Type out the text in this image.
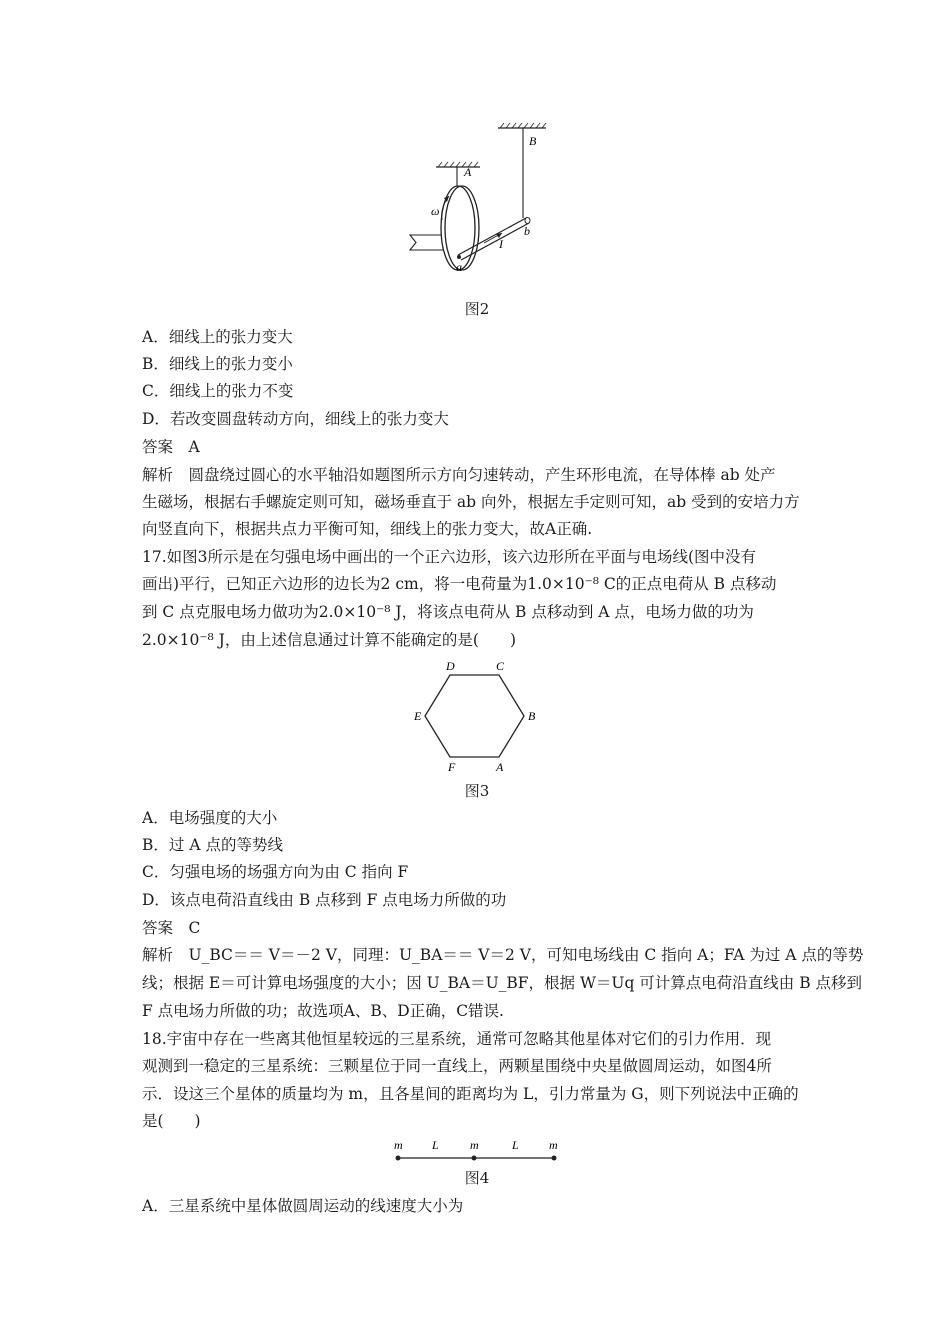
B
A
ω
b
I
a
图2
A．细线上的张力变大
B．细线上的张力变小
C．细线上的张力不变
D．若改变圆盘转动方向，细线上的张力变大
答案　 A
解析　 圆盘绕过圆心的水平轴沿如题图所示方向匀速转动，产生环形电流，在导体棒 ab 处产
生磁场，根据右手螺旋定则可知，磁场垂直于 ab 向外，根据左手定则可知，ab 受到的安培力方
向竖直向下，根据共点力平衡可知，细线上的张力变大，故A正确.
17.如图3所示是在匀强电场中画出的一个正六边形，该六边形所在平面与电场线(图中没有
画出)平行，已知正六边形的边长为2 cm，将一电荷量为1.0×10⁻⁸ C的正点电荷从 B 点移动
到 C 点克服电场力做功为2.0×10⁻⁸ J，将该点电荷从 B 点移动到 A 点，电场力做的功为
2.0×10⁻⁸ J，由上述信息通过计算不能确定的是(　　)
D	C
E	B
F	A
图3
A．电场强度的大小
B．过 A 点的等势线
C．匀强电场的场强方向为由 C 指向 F
D．该点电荷沿直线由 B 点移到 F 点电场力所做的功
答案　 C
解析　 U_BC＝＝ V＝－2 V，同理：U_BA＝＝ V＝2 V，可知电场线由 C 指向 A；FA 为过 A 点的等势
线；根据 E＝可计算电场强度的大小；因 U_BA＝U_BF，根据 W＝Uq 可计算点电荷沿直线由 B 点移到
F 点电场力所做的功；故选项A、B、D正确，C错误.
18.宇宙中存在一些离其他恒星较远的三星系统，通常可忽略其他星体对它们的引力作用．现
观测到一稳定的三星系统：三颗星位于同一直线上，两颗星围绕中央星做圆周运动，如图4所
示．设这三个星体的质量均为 m，且各星间的距离均为 L，引力常量为 G，则下列说法中正确的
是(　　)
m L	m	L	m
图4
A．三星系统中星体做圆周运动的线速度大小为
